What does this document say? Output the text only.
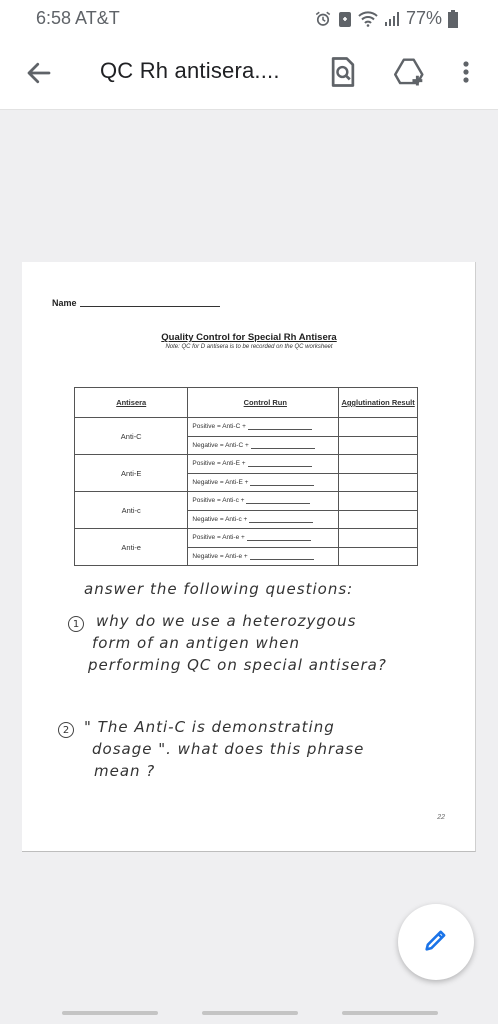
6:58 AT&T	77%
QC Rh antisera....
Name
Quality Control for Special Rh Antisera
Note: QC for D antisera is to be recorded on the QC worksheet
Antisera	Control Run	Agglutination Result
Anti-C	Positive = Anti-C +	
	Negative = Anti-C +	
Anti-E	Positive = Anti-E +	
	Negative = Anti-E +	
Anti-c	Positive = Anti-c +	
	Negative = Anti-c +	
Anti-e	Positive = Anti-e +	
	Negative = Anti-e +	
answer the following questions:
1	why do we use a heterozygous
form of an antigen when
performing QC on special antisera?
2 " The Anti-C is demonstrating
dosage ". what does this phrase
mean ?
22
